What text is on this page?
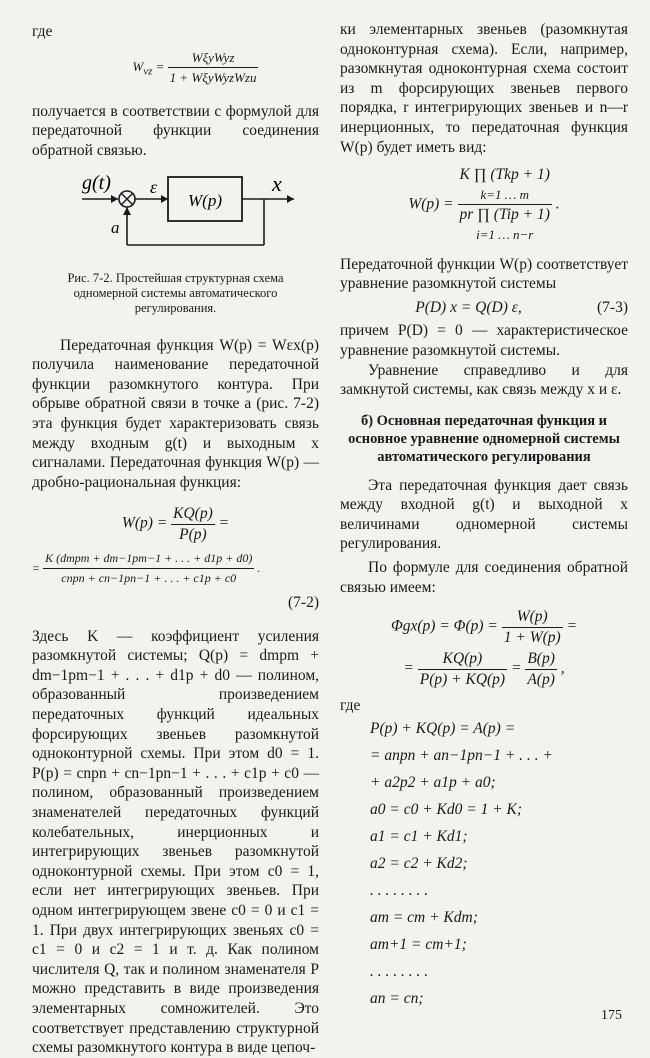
где

$W_{vz} = \frac{\text{WξyWyz}}{\text{1 + WξyWyzWzu}}$

получается в соответствии с формулой для передаточной функции соединения обратной связью.

g(t) ε	x
a
W(p)

Рис. 7-2. Простейшая структурная схема одномерной системы автоматического регулирования.

Передаточная функция W(p) = Wεx(p) получила наименование передаточной функции разомкнутого контура. При обрыве обратной связи в точке a (рис. 7-2) эта функция будет характеризовать связь между входным g(t) и выходным x сигналами. Передаточная функция W(p) — дробно-рациональная функция:

$W(p) = \frac{KQ(p)}{P(p)}$ =
= $\frac{\text{K (dmpm + dm−1pm−1 + . . . + d1p + d0)}}{\text{cnpn + cn−1pn−1 + . . . + c1p + c0}}$ .
(7-2)

Здесь K — коэффициент усиления разомкнутой системы; Q(p) = dmpm + dm−1pm−1 + . . . + d1p + d0 — полином, образованный произведением передаточных функций идеальных форсирующих звеньев разомкнутой одноконтурной схемы. При этом d0 = 1. P(p) = cnpn + cn−1pn−1 + . . . + c1p + c0 — полином, образованный произведением знаменателей передаточных функций колебательных, инерционных и интегрирующих звеньев разомкнутой одноконтурной схемы. При этом c0 = 1, если нет интегрирующих звеньев. При одном интегрирующем звене c0 = 0 и c1 = 1. При двух интегрирующих звеньях c0 = c1 = 0 и c2 = 1 и т. д. Как полином числителя Q, так и полином знаменателя P можно представить в виде произведения элементарных сомножителей. Это соответствует представлению структурной схемы разомкнутого контура в виде цепоч-

ки элементарных звеньев (разомкнутая одноконтурная схема). Если, например, разомкнутая одноконтурная схема состоит из m форсирующих звеньев первого порядка, r интегрирующих звеньев и n—r инерционных, то передаточная функция W(p) будет иметь вид:

W(p) =
K ∏ (Tkp + 1)
k=1 … m
pr ∏ (Tip + 1)
i=1 … n−r
.

Передаточной функции W(p) соответствует уравнение разомкнутой системы

P(D) x = Q(D) ε,	(7-3)

причем P(D) = 0 — характеристическое уравнение разомкнутой системы.

Уравнение справедливо и для замкнутой системы, как связь между x и ε.

б) Основная передаточная функция и основное уравнение одномерной системы автоматического регулирования

Эта передаточная функция дает связь между входной g(t) и выходной x величинами одномерной системы регулирования.

По формуле для соединения обратной связью имеем:

$\Phi gx(p) = \Phi(p) = \frac{W(p)}{1 + W(p)}$ =
= $\frac{KQ(p)}{P(p) + KQ(p)} = \frac{B(p)}{A(p)}$ ,

где

P(p) + KQ(p) = A(p) =
= anpn + an−1pn−1 + . . . +
+ a2p2 + a1p + a0;
a0 = c0 + Kd0 = 1 + K;
a1 = c1 + Kd1;
a2 = c2 + Kd2;
. . . . . . . .
am = cm + Kdm;
am+1 = cm+1;
. . . . . . . .
an = cn;
175
